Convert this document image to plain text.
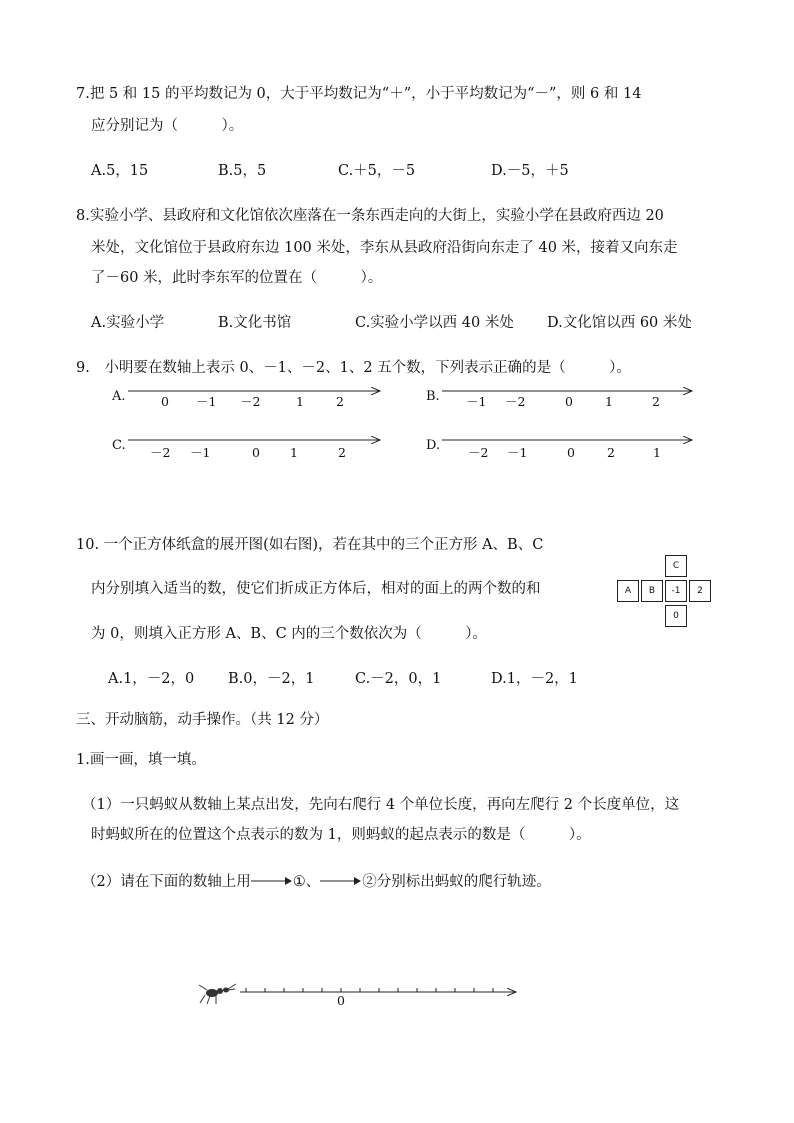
7.把 5 和 15 的平均数记为 0，大于平均数记为“＋”，小于平均数记为“－”，则 6 和 14
应分别记为（　　　）。
A.5，15	B.5，5	C.＋5，－5	D.－5，＋5
8.实验小学、县政府和文化馆依次座落在一条东西走向的大街上，实验小学在县政府西边 20
米处，文化馆位于县政府东边 100 米处，李东从县政府沿街向东走了 40 米，接着又向东走
了－60 米，此时李东军的位置在（　　　）。
A.实验小学	B.文化书馆	C.实验小学以西 40 米处 D.文化馆以西 60 米处
9.　小明要在数轴上表示 0、－1、－2、1、2 五个数，下列表示正确的是（　　　）。
A.	0 －1 －2	1	2	B. －1 －2	0	1	2
C. －2 －1	0 1	2	D. －2 －1	0	2	1
0
10. 一个正方体纸盒的展开图(如右图)，若在其中的三个正方形 A、B、C
内分别填入适当的数，使它们折成正方体后，相对的面上的两个数的和
为 0，则填入正方形 A、B、C 内的三个数依次为（　　　）。
C
A	B	-1	2
0
A.1，－2，0 B.0，－2，1	C.－2，0，1	D.1，－2，1
三、开动脑筋，动手操作。（共 12 分）
1.画一画，填一填。
（1）一只蚂蚁从数轴上某点出发，先向右爬行 4 个单位长度，再向左爬行 2 个长度单位，这
时蚂蚁所在的位置这个点表示的数为 1，则蚂蚁的起点表示的数是（　　　）。
（2）请在下面的数轴上用	①、	②分别标出蚂蚁的爬行轨迹。
